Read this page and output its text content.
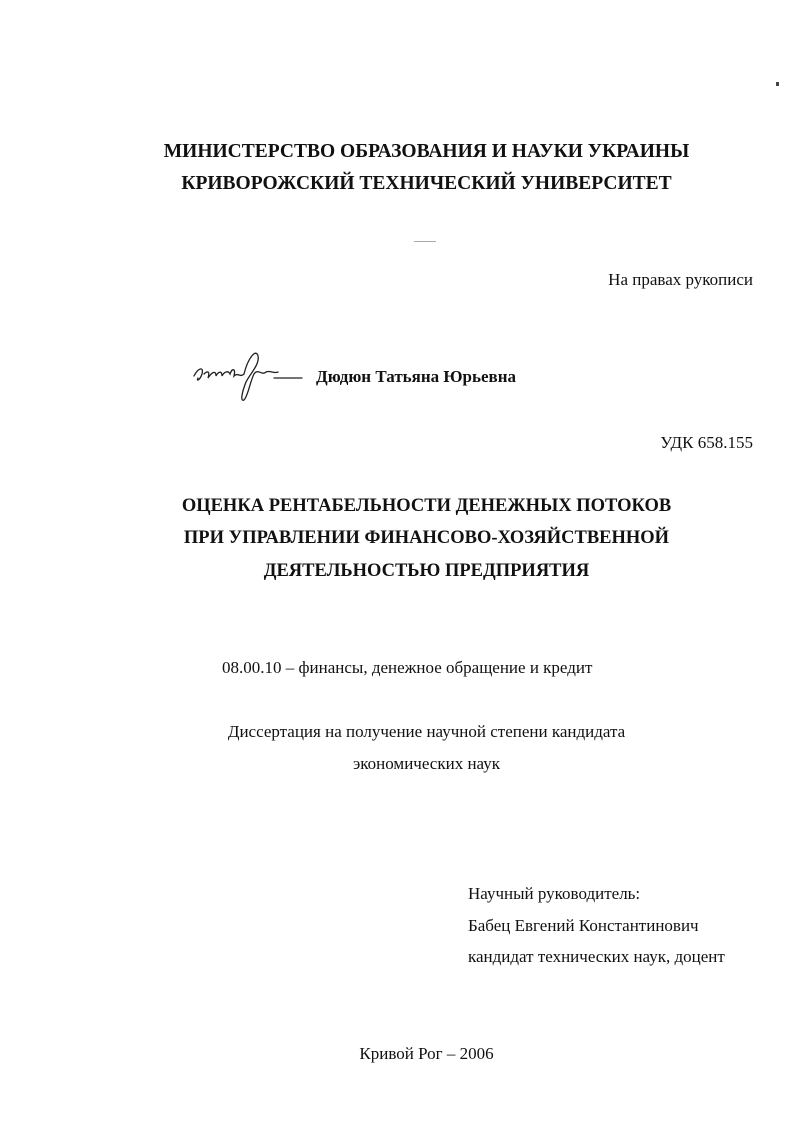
МИНИСТЕРСТВО ОБРАЗОВАНИЯ И НАУКИ УКРАИНЫ
КРИВОРОЖСКИЙ ТЕХНИЧЕСКИЙ УНИВЕРСИТЕТ
На правах рукописи
Дюдюн Татьяна Юрьевна
УДК 658.155
ОЦЕНКА РЕНТАБЕЛЬНОСТИ ДЕНЕЖНЫХ ПОТОКОВ
ПРИ УПРАВЛЕНИИ ФИНАНСОВО-ХОЗЯЙСТВЕННОЙ
ДЕЯТЕЛЬНОСТЬЮ ПРЕДПРИЯТИЯ
08.00.10 – финансы, денежное обращение и кредит
Диссертация на получение научной степени кандидата
экономических наук
Научный руководитель:
Бабец Евгений Константинович
кандидат технических наук, доцент
Кривой Рог – 2006
